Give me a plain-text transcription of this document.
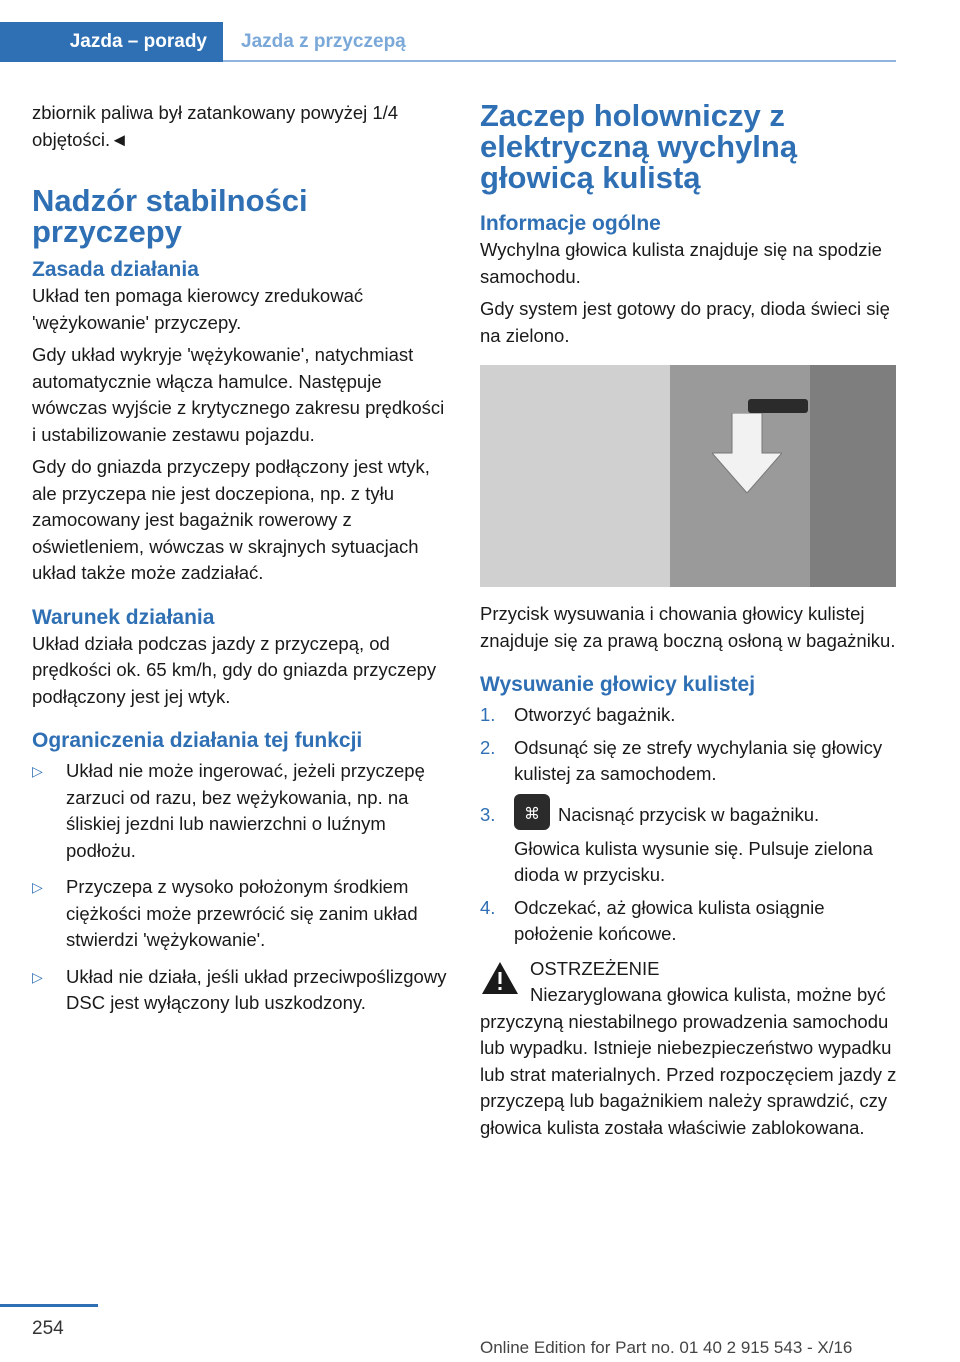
Jazda – porady	Jazda z przyczepą

zbiornik paliwa był zatankowany powyżej 1/4 objętości.◄

Nadzór stabilności przyczepy
Zasada działania

Układ ten pomaga kierowcy zredukować 'wężykowanie' przyczepy.

Gdy układ wykryje 'wężykowanie', natychmiast automatycznie włącza hamulce. Następuje wówczas wyjście z krytycznego zakresu prędkości i ustabilizowanie zestawu pojazdu.

Gdy do gniazda przyczepy podłączony jest wtyk, ale przyczepa nie jest doczepiona, np. z tyłu zamocowany jest bagażnik rowerowy z oświetleniem, wówczas w skrajnych sytuacjach układ także może zadziałać.

Warunek działania

Układ działa podczas jazdy z przyczepą, od prędkości ok. 65 km/h, gdy do gniazda przyczepy podłączony jest jej wtyk.

Ograniczenia działania tej funkcji
▷ Układ nie może ingerować, jeżeli przyczepę zarzuci od razu, bez wężykowania, np. na śliskiej jezdni lub nawierzchni o luźnym podłożu.
▷ Przyczepa z wysoko położonym środkiem ciężkości może przewrócić się zanim układ stwierdzi 'wężykowanie'.
▷ Układ nie działa, jeśli układ przeciwpoślizgowy DSC jest wyłączony lub uszkodzony.
Zaczep holowniczy z elektryczną wychylną głowicą kulistą
Informacje ogólne

Wychylna głowica kulista znajduje się na spodzie samochodu.

Gdy system jest gotowy do pracy, dioda świeci się na zielono.

Przycisk wysuwania i chowania głowicy kulistej znajduje się za prawą boczną osłoną w bagażniku.

Wysuwanie głowicy kulistej
1. Otworzyć bagażnik.
2. Odsunąć się ze strefy wychylania się głowicy kulistej za samochodem.
3. ⌘ Nacisnąć przycisk w bagażniku.
Głowica kulista wysunie się. Pulsuje zielona dioda w przycisku.
4. Odczekać, aż głowica kulista osiągnie położenie końcowe.
OSTRZEŻENIE

Niezaryglowana głowica kulista, możne być przyczyną niestabilnego prowadzenia samochodu lub wypadku. Istnieje niebezpieczeństwo wypadku lub strat materialnych. Przed rozpoczęciem jazdy z przyczepą lub bagażnikiem należy sprawdzić, czy głowica kulista została właściwie zablokowana.

254
Online Edition for Part no. 01 40 2 915 543 - X/16
